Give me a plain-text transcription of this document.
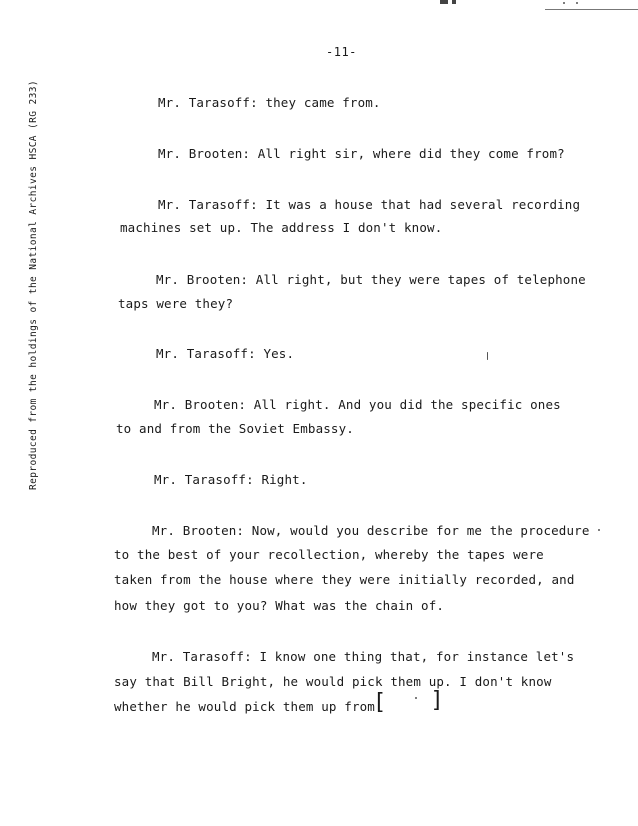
-11-
Reproduced from the holdings of the National Archives HSCA (RG 233)	Mr. Tarasoff: they came from.
Mr. Brooten: All right sir, where did they come from?
Mr. Tarasoff: It was a house that had several recording
machines set up. The address I don't know.
Mr. Brooten: All right, but they were tapes of telephone
taps were they?
Mr. Tarasoff: Yes.
Mr. Brooten: All right. And you did the specific ones
to and from the Soviet Embassy.
Mr. Tarasoff: Right.
Mr. Brooten: Now, would you describe for me the procedure
to the best of your recollection, whereby the tapes were
taken from the house where they were initially recorded, and
how they got to you? What was the chain of.
Mr. Tarasoff: I know one thing that, for instance let's
say that Bill Bright, he would pick them up. I don't know
whether he would pick them up from [ ]
